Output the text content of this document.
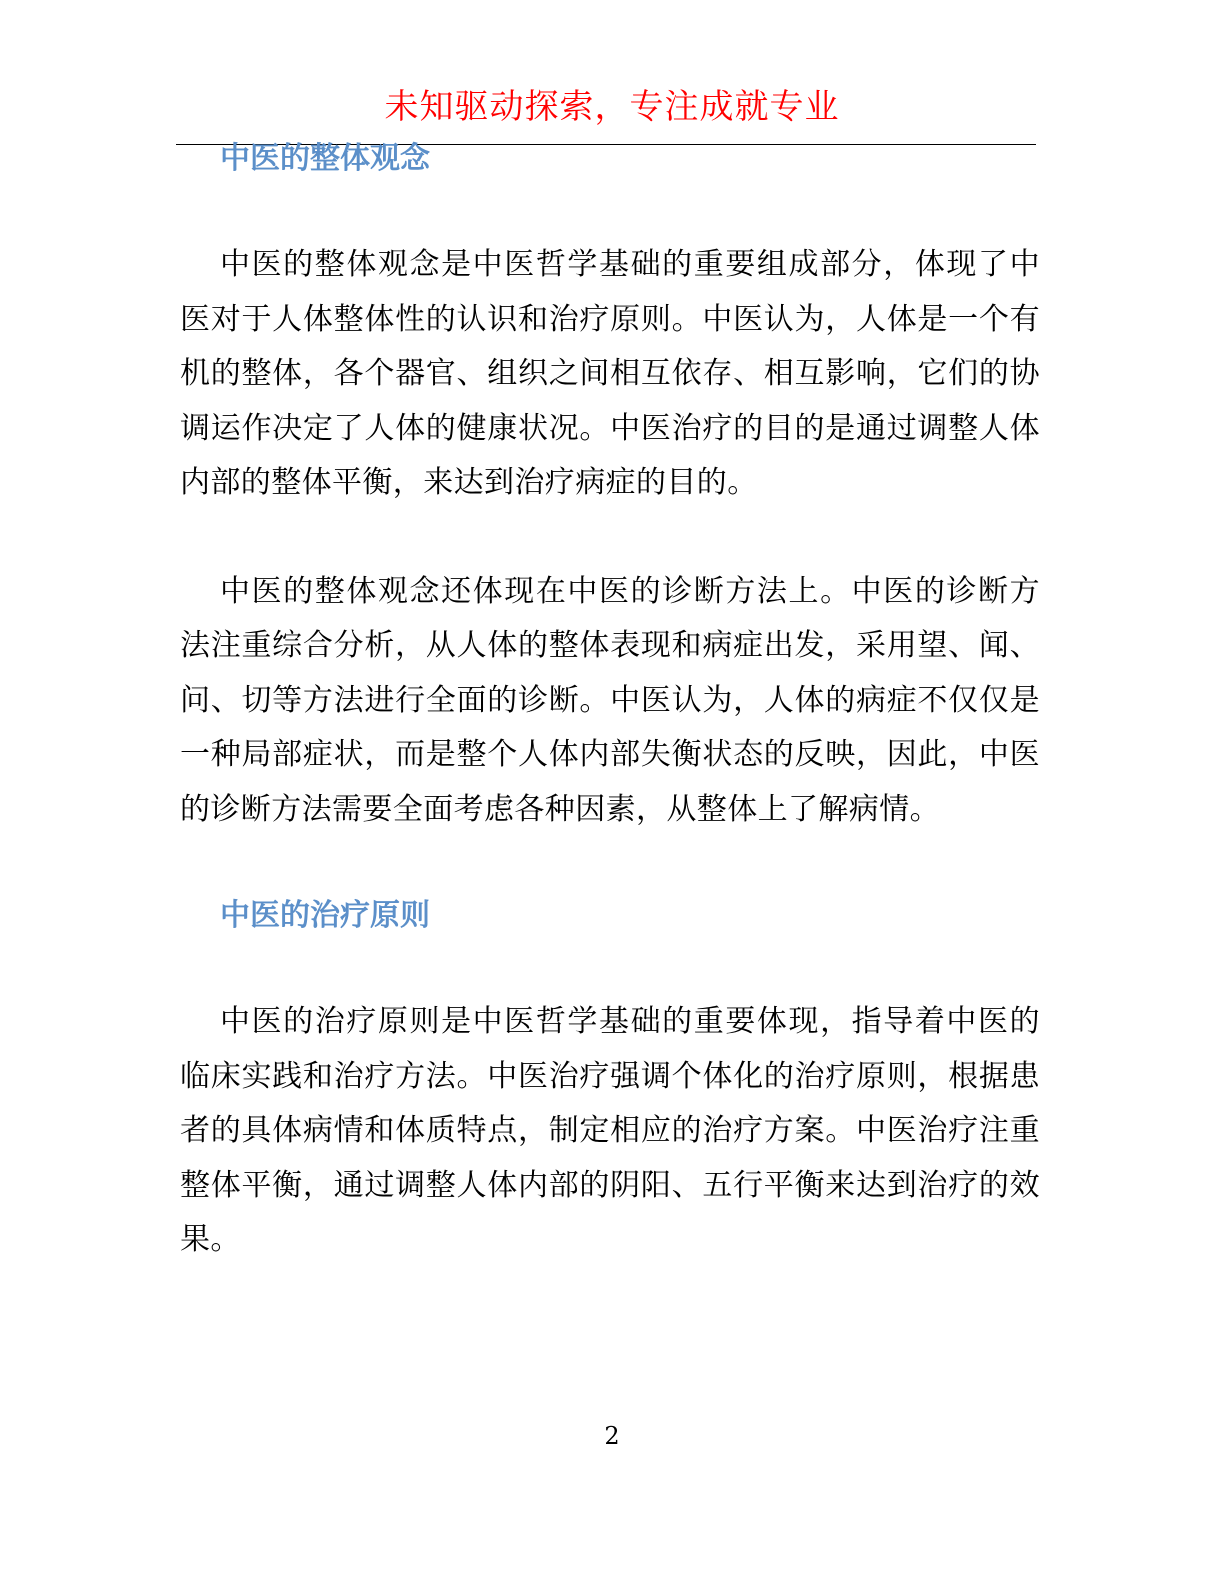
未知驱动探索，专注成就专业
中医的整体观念

中医的整体观念是中医哲学基础的重要组成部分，体现了中医对于人体整体性的认识和治疗原则。中医认为，人体是一个有机的整体，各个器官、组织之间相互依存、相互影响，它们的协调运作决定了人体的健康状况。中医治疗的目的是通过调整人体内部的整体平衡，来达到治疗病症的目的。

中医的整体观念还体现在中医的诊断方法上。中医的诊断方法注重综合分析，从人体的整体表现和病症出发，采用望、闻、问、切等方法进行全面的诊断。中医认为，人体的病症不仅仅是一种局部症状，而是整个人体内部失衡状态的反映，因此，中医的诊断方法需要全面考虑各种因素，从整体上了解病情。

中医的治疗原则

中医的治疗原则是中医哲学基础的重要体现，指导着中医的临床实践和治疗方法。中医治疗强调个体化的治疗原则，根据患者的具体病情和体质特点，制定相应的治疗方案。中医治疗注重整体平衡，通过调整人体内部的阴阳、五行平衡来达到治疗的效果。

2
